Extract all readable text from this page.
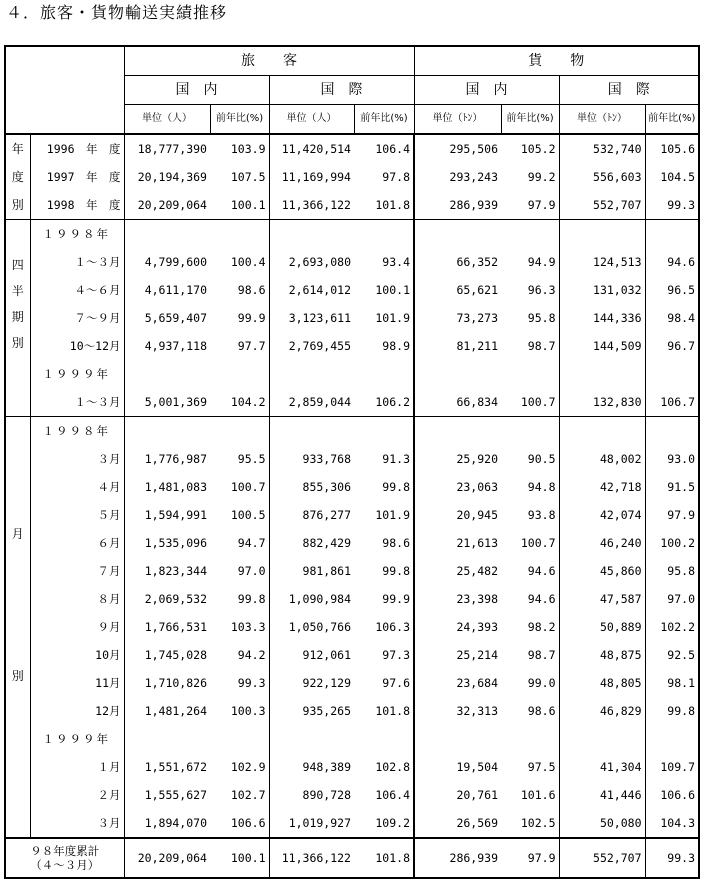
４．旅客・貨物輸送実績推移
		旅　　客				貨　　物			
		国　内		国　際		国　内		国　際	
		単位（人）	前年比(%)	単位（人）	前年比(%)	単位（ﾄﾝ）	前年比(%)	単位（ﾄﾝ）	前年比(%)
年	1996　年　度	18,777,390	103.9	11,420,514	106.4	295,506	105.2	532,740	105.6
度	1997　年　度	20,194,369	107.5	11,169,994	97.8	293,243	99.2	556,603	104.5
別	1998　年　度	20,209,064	100.1	11,366,122	101.8	286,939	97.9	552,707	99.3

四
半
期
別	１９９８年								
	１～３月	4,799,600	100.4	2,693,080	93.4	66,352	94.9	124,513	94.6
	４～６月	4,611,170	98.6	2,614,012	100.1	65,621	96.3	131,032	96.5
	７～９月	5,659,407	99.9	3,123,611	101.9	73,273	95.8	144,336	98.4
	10～12月	4,937,118	97.7	2,769,455	98.9	81,211	98.7	144,509	96.7
	１９９９年								
	１～３月	5,001,369	104.2	2,859,044	106.2	66,834	100.7	132,830	106.7

月
別	１９９８年								
	３月	1,776,987	95.5	933,768	91.3	25,920	90.5	48,002	93.0
	４月	1,481,083	100.7	855,306	99.8	23,063	94.8	42,718	91.5
	５月	1,594,991	100.5	876,277	101.9	20,945	93.8	42,074	97.9
	６月	1,535,096	94.7	882,429	98.6	21,613	100.7	46,240	100.2
	７月	1,823,344	97.0	981,861	99.8	25,482	94.6	45,860	95.8
	８月	2,069,532	99.8	1,090,984	99.9	23,398	94.6	47,587	97.0
	９月	1,766,531	103.3	1,050,766	106.3	24,393	98.2	50,889	102.2
	10月	1,745,028	94.2	912,061	97.3	25,214	98.7	48,875	92.5
	11月	1,710,826	99.3	922,129	97.6	23,684	99.0	48,805	98.1
	12月	1,481,264	100.3	935,265	101.8	32,313	98.6	46,829	99.8
	１９９９年								
	１月	1,551,672	102.9	948,389	102.8	19,504	97.5	41,304	109.7
	２月	1,555,627	102.7	890,728	106.4	20,761	101.6	41,446	106.6
	３月	1,894,070	106.6	1,019,927	109.2	26,569	102.5	50,080	104.3

９８年度累計
（４～３月）		20,209,064	100.1	11,366,122	101.8	286,939	97.9	552,707	99.3
